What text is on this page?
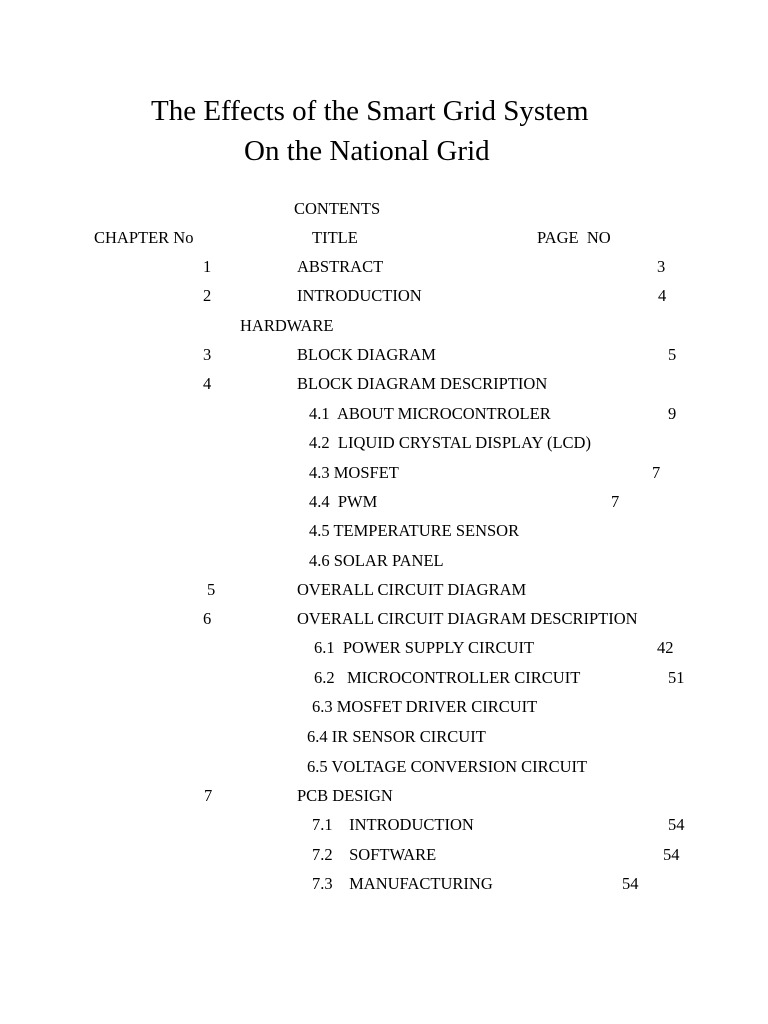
The Effects of the Smart Grid System
On the National Grid
CONTENTS
CHAPTER No	TITLE	PAGE  NO
1	ABSTRACT	3
2	INTRODUCTION	4
HARDWARE
3	BLOCK DIAGRAM	5
4	BLOCK DIAGRAM DESCRIPTION
4.1  ABOUT MICROCONTROLER	9
4.2  LIQUID CRYSTAL DISPLAY (LCD)
4.3 MOSFET	7
4.4  PWM	7
4.5 TEMPERATURE SENSOR
4.6 SOLAR PANEL
5	OVERALL CIRCUIT DIAGRAM
6	OVERALL CIRCUIT DIAGRAM DESCRIPTION
6.1  POWER SUPPLY CIRCUIT	42
6.2   MICROCONTROLLER CIRCUIT	51
6.3 MOSFET DRIVER CIRCUIT
6.4 IR SENSOR CIRCUIT
6.5 VOLTAGE CONVERSION CIRCUIT
7	PCB DESIGN
7.1    INTRODUCTION	54
7.2    SOFTWARE	54
7.3    MANUFACTURING	54
